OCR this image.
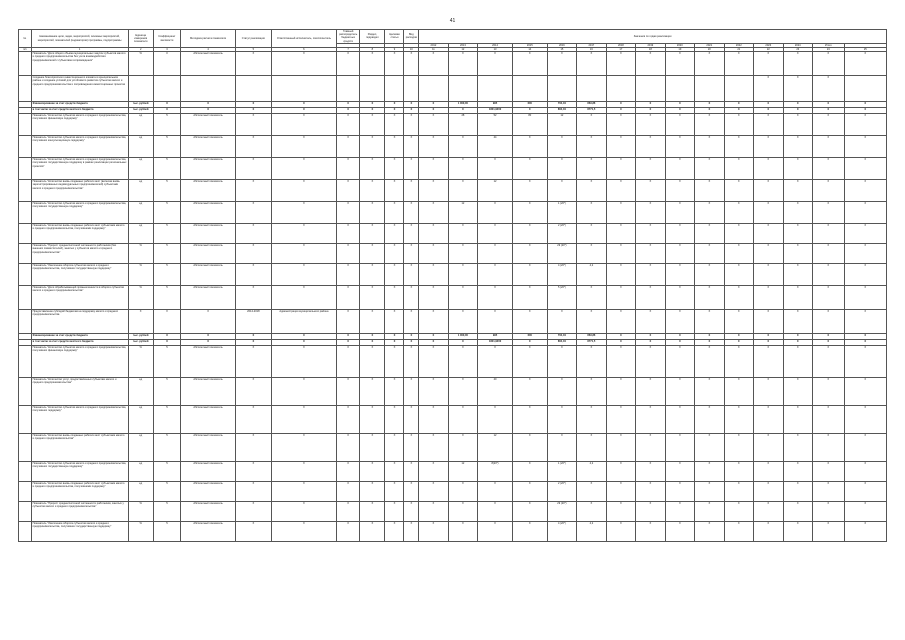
41
№	Наименование цели, задач, мероприятий, основных мероприятий, мероприятий, показателей (индикаторов) программы, подпрограммы	Единица измерения показателя	Коэффициент весомости	Методика расчета показателя	Статус реализации	Ответственный исполнитель, соисполнитель	Главный распорядитель бюджетных средств	Раздел, подраздел	Целевая статья	Вид расходов	Значения по годам реализации														
											2012	2013	2014	2015	2016	2017	2018	2019	2020	2021	2022	2023	2024	Итого	
п/п	1	2	3	4	5	6	7	8	9	10	11	12	13	14	15	16	17	18	19	20	21	22	23	24	25
	Показатель "Доля общего объема муниципальных закупок субъектов малого и среднего предпринимательства без учета взаимодействия предпринимателей с субъектами сопровождения"	%	0	Абсолютный показатель	X	X	X	X	X	X	X	X	X	X	X	X	X	X	X	X	X	X	X	X	X
	Создание благоприятного инвестиционного климата в муниципальном районе и создание условий для устойчивого развития субъектов малого и среднего предпринимательства и сопровождения инвестиционных проектов																					X	X	X	
	Финансирование за счет средств бюджета	тыс. рублей	X	X	X	X	X	X	X	X	X	1 000,00	995	600	764,04	863,86	X	X	X	X	X	X	X	X	X
	в том числе за счет средств местного бюджета	тыс. рублей	X	X	X	X	X	X	X	X	X	X	1821,9200	X	864,04	8771,5	X	X	X	X	X	X	X	X	X
	Показатель "Количество субъектов малого и среднего предпринимательства, получивших финансовую поддержку"	ед	5	Абсолютный показатель	X	X	X	X	X	X	X	28	52	80	12	X	X	X	X	X	X	X	X	X	X
	Показатель "Количество субъектов малого и среднего предпринимательства, получивших консультационную поддержку"	ед	5	Абсолютный показатель	X	X	X	X	X	X	X	X	44	X	X	X	X	X	X	X	X	X	X	X	X
	Показатель "Количество субъектов малого и среднего предпринимательства, получивших государственную поддержку в рамках реализации региональных проектов"	ед	5	Абсолютный показатель	X	X	X	X	X	X	X	X	X	X	X	X	X	X	X	X	X	X	X	X	X
	Показатель "Количество вновь созданных рабочих мест (включая вновь зарегистрированных индивидуальных предпринимателей) субъектами малого и среднего предпринимательства"	ед	5	Абсолютный показатель	X	X	X	X	X	X	X	X	12	X	X	X	X	X	X	X	X	X	X	X	X
	Показатель "Количество субъектов малого и среднего предпринимательства, получивших государственную поддержку"	ед	5	Абсолютный показатель	X	X	X	X	X	X	X	12	X	X	1 (20*)	X	X	X	X	X	X	X	X	X	X
	Показатель "Количество вновь созданных рабочих мест субъектами малого и среднего предпринимательства, получившими поддержку"	ед	5	Абсолютный показатель	X	X	X	X	X	X	X	X	X	X	2 (20*)	X	X	X	X	X	X	X	X	X	X
	Показатель "Прирост среднесписочной численности работников (без внешних совместителей), занятых у субъектов малого и среднего предпринимательства"	%	5	Абсолютный показатель	X	X	X	X	X	X	X	X	X	X	29 (20*)	X	X	X	X	X	X	X	X	X	X
	Показатель "Увеличение оборота субъектов малого и среднего предпринимательства, получивших государственную поддержку"	%	5	Абсолютный показатель	X	X	X	X	X	X	X	X	X	X	4 (20*)	4,2	X	X	X	X	X	X	X	X	X
	Показатель "Доля обрабатывающей промышленности в обороте субъектов малого и среднего предпринимательства"	%	5	Абсолютный показатель	X	X	X	X	X	X	X	X	X	X	5 (20*)	X	X	X	X	X	X	X	X	X	X
	Предоставление субсидий бюджетам на поддержку малого и среднего предпринимательства	X	X	X	2014-2018	Администрация муниципального района	X	X	X	X	X	X	X	X	X	X	X	X	X	X	X	X	X	X	X
	Финансирование за счет средств бюджета	тыс. рублей	X	X	X	X	X	X	X	X	X	1 000,00	995	600	764,04	863,86	X	X	X	X	X	X	X	X	X
	в том числе за счет средств местного бюджета	тыс. рублей	X	X	X	X	X	X	X	X	X	X	1821,9200	X	864,04	8771,5	X	X	X	X	X	X	X	X	X
	Показатель "Количество субъектов малого и среднего предпринимательства, получивших финансовую поддержку"	%	5	Абсолютный показатель	X	X	X	X	X	X	X	X	X	X	X	X	X	X	X	X	X	X	X	X	X
	Показатель "Количество услуг, предоставленных субъектам малого и среднего предпринимательства"	ед	5	Абсолютный показатель	X	X	X	X	X	X	X	X	40	X	X	X	X	X	X	X	X	X	X	X	X
	Показатель "Количество субъектов малого и среднего предпринимательства, получивших поддержку"	ед	5	Абсолютный показатель	X	X	X	X	X	X	X	X	X	X	X	X	X	X	X	X	X	X	X	X	X
	Показатель "Количество вновь созданных рабочих мест субъектами малого и среднего предпринимательства"	ед	5	Абсолютный показатель	X	X	X	X	X	X	X	X	12	X	X	X	X	X	X	X	X	X	X	X	X
	Показатель "Количество субъектов малого и среднего предпринимательства, получивших государственную поддержку"	ед	5	Абсолютный показатель	X	X	X	X	X	X	X	12	8(20*)	X	1 (20*)	4,2	X	X	X	X	X	X	X	X	X
	Показатель "Количество вновь созданных рабочих мест субъектами малого и среднего предпринимательства, получившими поддержку"	ед	5	Абсолютный показатель	X	X	X	X	X	X	X	X	X	X	2 (20*)	X	X	X	X	X	X	X	X	X	X
	Показатель "Прирост среднесписочной численности работников, занятых у субъектов малого и среднего предпринимательства"	%	5	Абсолютный показатель	X	X	X	X	X	X	X	X	X	X	29 (20*)	X	X	X	X	X	X	X	X	X	X
	Показатель "Увеличение оборота субъектов малого и среднего предпринимательства, получивших государственную поддержку"	%	5	Абсолютный показатель	X	X	X	X	X	X	X	X	X	X	4 (20*)	4,2	X	X	X	X	X	X	X	X	X
